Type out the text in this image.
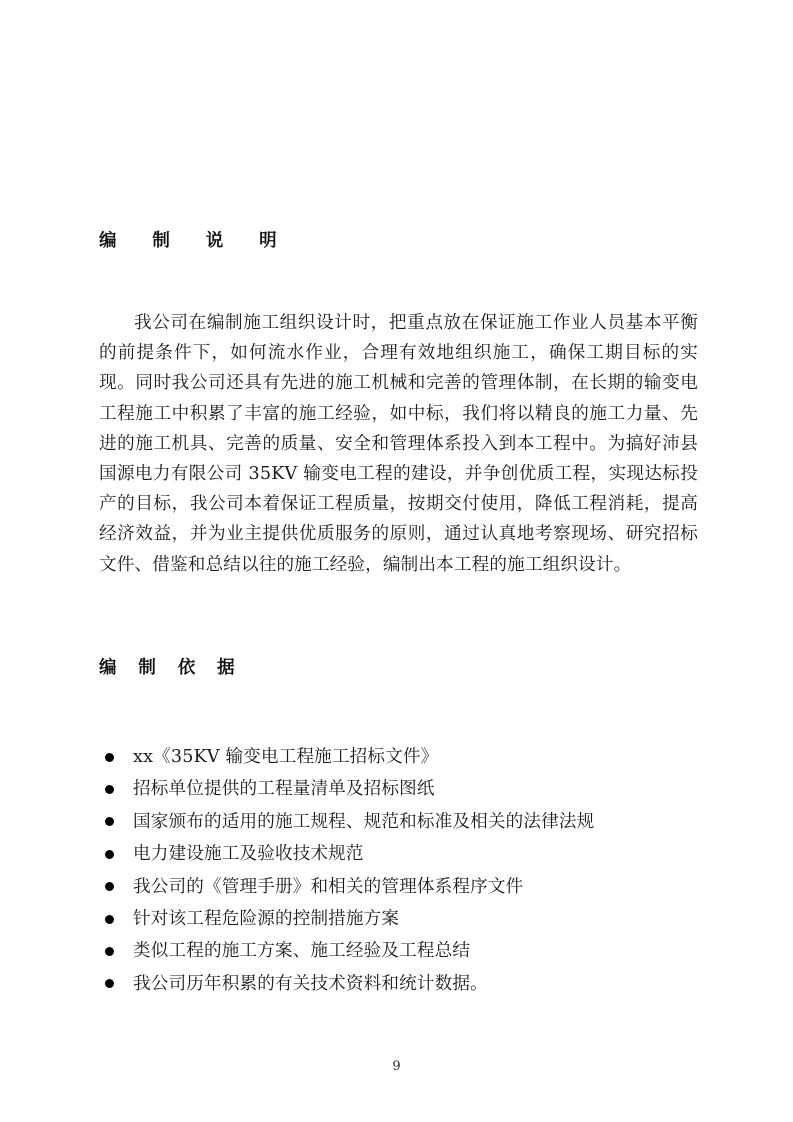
编 制 说 明

我公司在编制施工组织设计时，把重点放在保证施工作业人员基本平衡的前提条件下，如何流水作业，合理有效地组织施工，确保工期目标的实现。同时我公司还具有先进的施工机械和完善的管理体制，在长期的输变电工程施工中积累了丰富的施工经验，如中标，我们将以精良的施工力量、先进的施工机具、完善的质量、安全和管理体系投入到本工程中。为搞好沛县国源电力有限公司 35KV 输变电工程的建设，并争创优质工程，实现达标投产的目标，我公司本着保证工程质量，按期交付使用，降低工程消耗，提高经济效益，并为业主提供优质服务的原则，通过认真地考察现场、研究招标文件、借鉴和总结以往的施工经验，编制出本工程的施工组织设计。

编 制 依 据
xx《35KV 输变电工程施工招标文件》
招标单位提供的工程量清单及招标图纸
国家颁布的适用的施工规程、规范和标准及相关的法律法规
电力建设施工及验收技术规范
我公司的《管理手册》和相关的管理体系程序文件
针对该工程危险源的控制措施方案
类似工程的施工方案、施工经验及工程总结
我公司历年积累的有关技术资料和统计数据。
9
